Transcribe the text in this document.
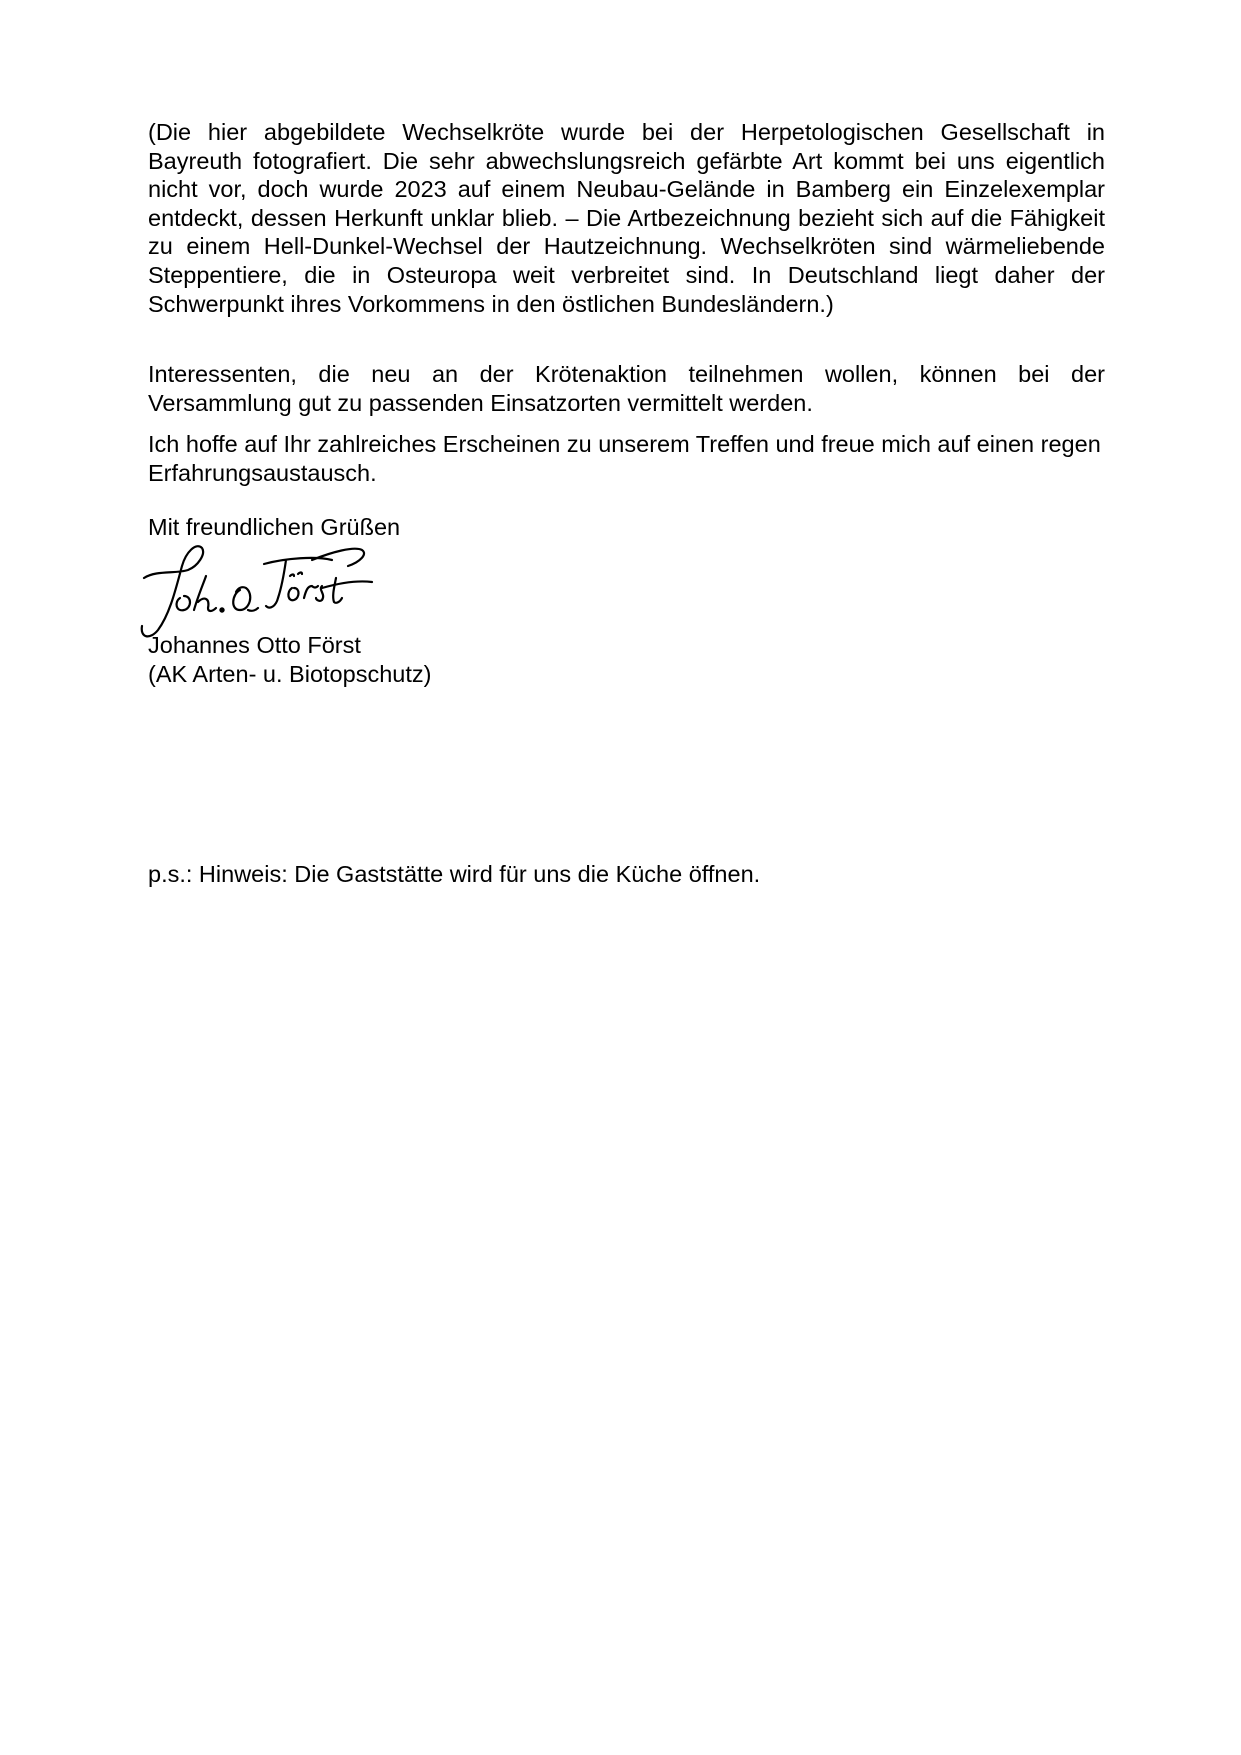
(Die hier abgebildete Wechselkröte wurde bei der Herpetologischen Gesellschaft in Bayreuth fotografiert. Die sehr abwechslungsreich gefärbte Art kommt bei uns eigentlich nicht vor, doch wurde 2023 auf einem Neubau-Gelände in Bamberg ein Einzelexemplar entdeckt, dessen Herkunft unklar blieb. – Die Artbezeichnung bezieht sich auf die Fähigkeit zu einem Hell-Dunkel-Wechsel der Hautzeichnung. Wechselkröten sind wärmeliebende Steppentiere, die in Osteuropa weit verbreitet sind. In Deutschland liegt daher der Schwerpunkt ihres Vorkommens in den östlichen Bundesländern.)

Interessenten, die neu an der Krötenaktion teilnehmen wollen, können bei der Versammlung gut zu passenden Einsatzorten vermittelt werden.

Ich hoffe auf Ihr zahlreiches Erscheinen zu unserem Treffen und freue mich auf einen regen Erfahrungsaustausch.

Mit freundlichen Grüßen

Johannes Otto Först

(AK Arten- u. Biotopschutz)

p.s.: Hinweis: Die Gaststätte wird für uns die Küche öffnen.
